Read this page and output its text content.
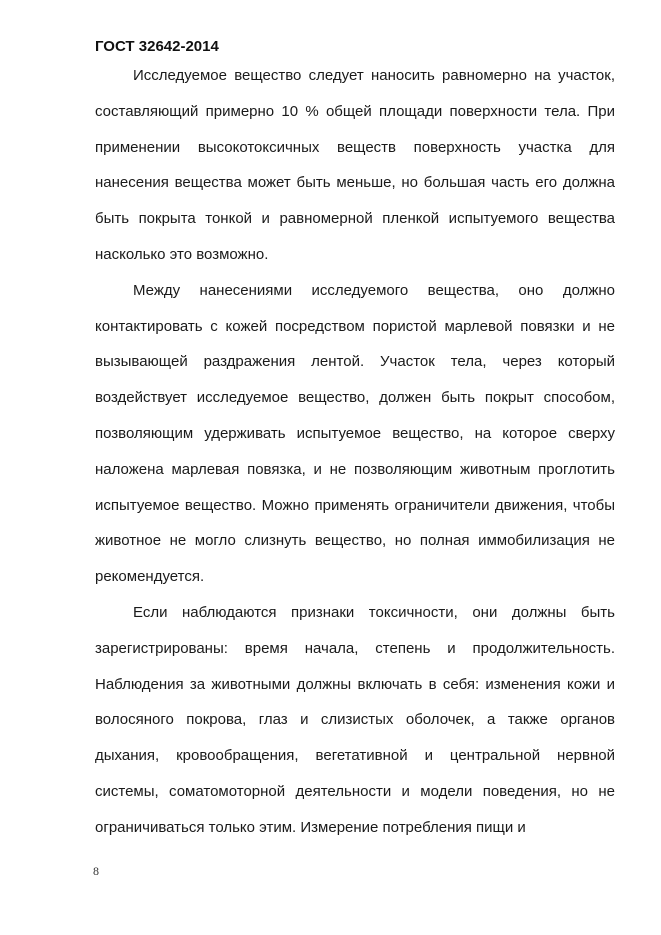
ГОСТ 32642-2014

Исследуемое вещество следует наносить равномерно на участок, составляющий примерно 10 % общей площади поверхности тела. При применении высокотоксичных веществ поверхность участка для нанесения вещества может быть меньше, но большая часть его должна быть покрыта тонкой и равномерной пленкой испытуемого вещества насколько это возможно.

Между нанесениями исследуемого вещества, оно должно контактировать с кожей посредством пористой марлевой повязки и не вызывающей раздражения лентой. Участок тела, через который воздействует исследуемое вещество, должен быть покрыт способом, позволяющим удерживать испытуемое вещество, на которое сверху наложена марлевая повязка, и не позволяющим животным проглотить испытуемое вещество. Можно применять ограничители движения, чтобы животное не могло слизнуть вещество, но полная иммобилизация не рекомендуется.

Если наблюдаются признаки токсичности, они должны быть зарегистрированы: время начала, степень и продолжительность. Наблюдения за животными должны включать в себя: изменения кожи и волосяного покрова, глаз и слизистых оболочек, а также органов дыхания, кровообращения, вегетативной и центральной нервной системы, соматомоторной деятельности и модели поведения, но не ограничиваться только этим. Измерение потребления пищи и

8
